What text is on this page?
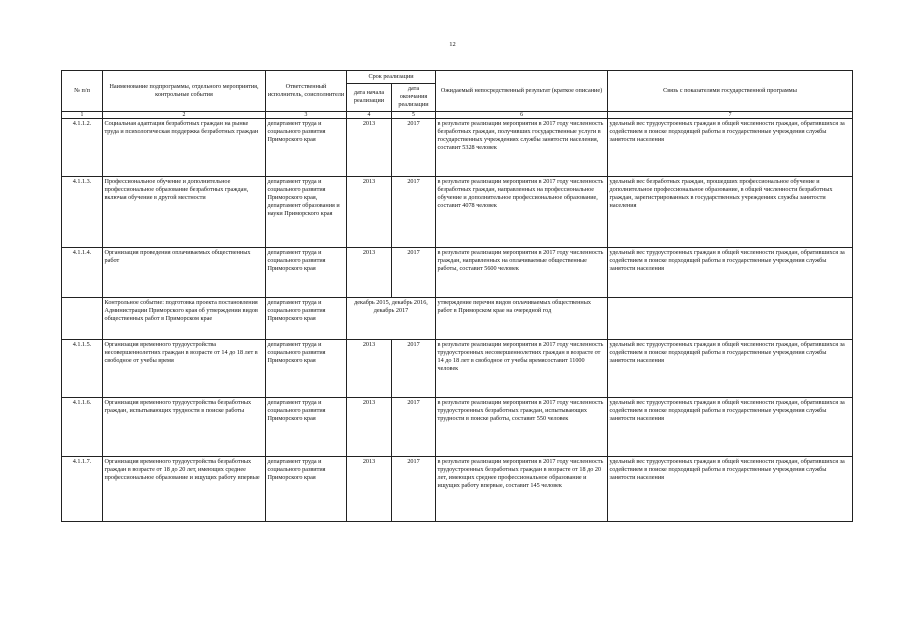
12
№ п/п	Наименование подпрограммы, отдельного мероприятия, контрольные события	Ответственный исполнитель, соисполнители	Срок реализации		Ожидаемый непосредственный результат (краткое описание)	Связь с показателями государственной программы
			дата начала реализации	дата окончания реализации		
1	2	3	4	5	6	7
4.1.1.2.	Социальная адаптация безработных граждан на рынке труда и психологическая поддержка безработных граждан	департамент труда и социального развития Приморского края	2013	2017	в результате реализации мероприятия в 2017 году численность безработных граждан, получивших государственные услуги в государственных учреждениях службы занятости населения, составит 5328 человек	удельный вес трудоустроенных граждан в общей численности граждан, обратившихся за содействием в поиске подходящей работы в государственные учреждения службы занятости населения
4.1.1.3.	Профессиональное обучение и дополнительное профессиональное образование безработных граждан, включая обучение в другой местности	департамент труда и социального развития Приморского края, департамент образования и науки Приморского края	2013	2017	в результате реализации мероприятия в 2017 году численность безработных граждан, направленных на профессиональное обучение и дополнительное профессиональное образование, составит 4078 человек	удельный вес безработных граждан, прошедших профессиональное обучение и дополнительное профессиональное образование, в общей численности безработных граждан, зарегистрированных в государственных учреждениях службы занятости населения
4.1.1.4.	Организация проведения оплачиваемых общественных работ	департамент труда и социального развития Приморского края	2013	2017	в результате реализации мероприятия в 2017 году численность граждан, направленных на оплачиваемые общественные работы, составит 5600 человек	удельный вес трудоустроенных граждан в общей численности граждан, обратившихся за содействием в поиске подходящей работы в государственные учреждения службы занятости населения
	Контрольное событие: подготовка проекта постановления Администрации Приморского края об утверждении видов общественных работ в Приморском крае	департамент труда и социального развития Приморского края	декабрь 2015, декабрь 2016, декабрь 2017		утверждение перечня видов оплачиваемых общественных работ в Приморском крае на очередной год	
4.1.1.5.	Организация временного трудоустройства несовершеннолетних граждан в возрасте от 14 до 18 лет в свободное от учебы время	департамент труда и социального развития Приморского края	2013	2017	в результате реализации мероприятия в 2017 году численность трудоустроенных несовершеннолетних граждан в возрасте от 14 до 18 лет в свободное от учебы времясоставит 11000 человек	удельный вес трудоустроенных граждан в общей численности граждан, обратившихся за содействием в поиске подходящей работы в государственные учреждения службы занятости населения
4.1.1.6.	Организация временного трудоустройства безработных граждан, испытывающих трудности в поиске работы	департамент труда и социального развития Приморского края	2013	2017	в результате реализации мероприятия в 2017 году численность трудоустроенных безработных граждан, испытывающих трудности в поиске работы, составит 550 человек	удельный вес трудоустроенных граждан в общей численности граждан, обратившихся за содействием в поиске подходящей работы в государственные учреждения службы занятости населения
4.1.1.7.	Организация временного трудоустройства безработных граждан в возрасте от 18 до 20 лет, имеющих среднее профессиональное образование и ищущих работу впервые	департамент труда и социального развития Приморского края	2013	2017	в результате реализации мероприятия в 2017 году численность трудоустроенных безработных граждан в возрасте от 18 до 20 лет, имеющих среднее профессиональное образование и ищущих работу впервые, составит 145 человек	удельный вес трудоустроенных граждан в общей численности граждан, обратившихся за содействием в поиске подходящей работы в государственные учреждения службы занятости населения
